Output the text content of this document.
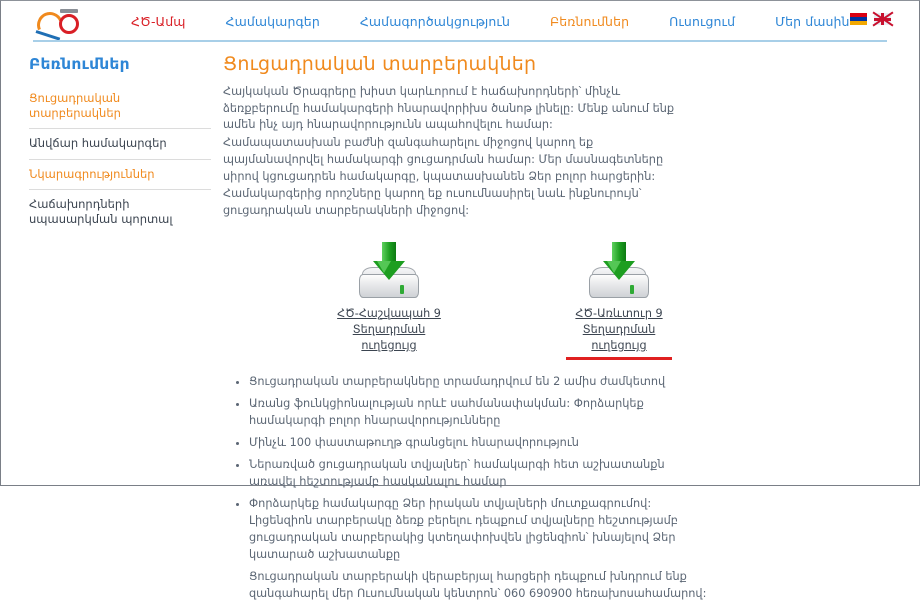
ՀԾ-Ամպ	Համակարգեր	Համագործակցություն	Բեռնումներ	Ուսուցում	Մեր մասին
Բեռնումներ
Ցուցադրական տարբերակներ
Անվճար համակարգեր
Նկարագրություններ
Հաճախորդների սպասարկման պորտալ
Ցուցադրական տարբերակներ

Հայկական Ծրագրերը խիստ կարևորում է հաճախորդների՝ մինչև ձեռքբերումը համակարգերի հնարավորիխս ծանոթ լինելը: Մենք անում ենք ամեն ինչ այդ հնարավորությունն ապահովելու համար:

Համապատասխան բաժնի զանգահարելու միջոցով կարող եք պայմանավորվել համակարգի ցուցադրման համար: Մեր մասնագետները սիրով կցուցադրեն համակարգը, կպատասխանեն Ձեր բոլոր հարցերին:

Համակարգերից որոշները կարող եք ուսումնասիրել նաև ինքնուրույն՝ ցուցադրական տարբերակների միջոցով:

ՀԾ-Հաշվապահ 9
Տեղադրման ուղեցույց
ՀԾ-Առևտուր 9
Տեղադրման ուղեցույց
• Ցուցադրական տարբերակները տրամադրվում են 2 ամիս ժամկետով
• Առանց ֆունկցիոնալության որևէ սահմանափակման: Փորձարկեք համակարգի բոլոր հնարավորությունները
• Մինչև 100 փաստաթուղթ գրանցելու հնարավորություն
• Ներառված ցուցադրական տվյալներ՝ համակարգի հետ աշխատանքն առավել հեշտությամբ հասկանալու համար
• Փորձարկեք համակարգը Ձեր իրական տվյալների մուտքագրումով: Լիցենզիոն տարբերակը ձեռք բերելու դեպքում տվյալները հեշտությամբ ցուցադրական տարբերակից կտեղափոխվեն լիցենզիոն՝ խնայելով Ձեր կատարած աշխատանքը

Ցուցադրական տարբերակի վերաբերյալ հարցերի դեպքում խնդրում ենք զանգահարել մեր Ուսումնական կենտրոն՝ 060 690900 հեռախոսահամարով:
